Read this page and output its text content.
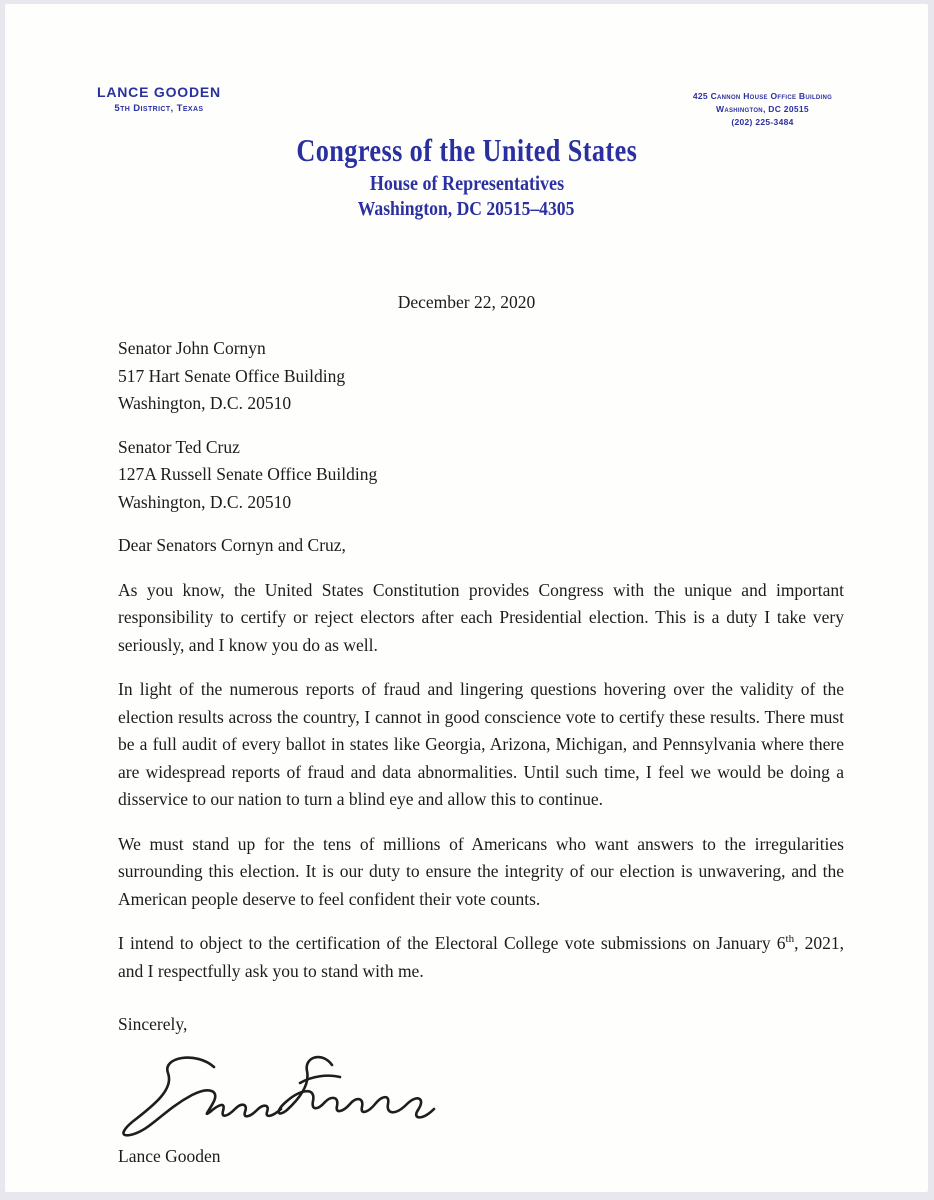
LANCE GOODEN
5th District, Texas
425 Cannon House Office Building
Washington, DC 20515
(202) 225-3484
Congress of the United States
House of Representatives
Washington, DC 20515–4305
December 22, 2020
Senator John Cornyn
517 Hart Senate Office Building
Washington, D.C. 20510
Senator Ted Cruz
127A Russell Senate Office Building
Washington, D.C. 20510

Dear Senators Cornyn and Cruz,

As you know, the United States Constitution provides Congress with the unique and important responsibility to certify or reject electors after each Presidential election. This is a duty I take very seriously, and I know you do as well.

In light of the numerous reports of fraud and lingering questions hovering over the validity of the election results across the country, I cannot in good conscience vote to certify these results. There must be a full audit of every ballot in states like Georgia, Arizona, Michigan, and Pennsylvania where there are widespread reports of fraud and data abnormalities. Until such time, I feel we would be doing a disservice to our nation to turn a blind eye and allow this to continue.

We must stand up for the tens of millions of Americans who want answers to the irregularities surrounding this election. It is our duty to ensure the integrity of our election is unwavering, and the American people deserve to feel confident their vote counts.

I intend to object to the certification of the Electoral College vote submissions on January 6th, 2021, and I respectfully ask you to stand with me.

Sincerely,

Lance Gooden
